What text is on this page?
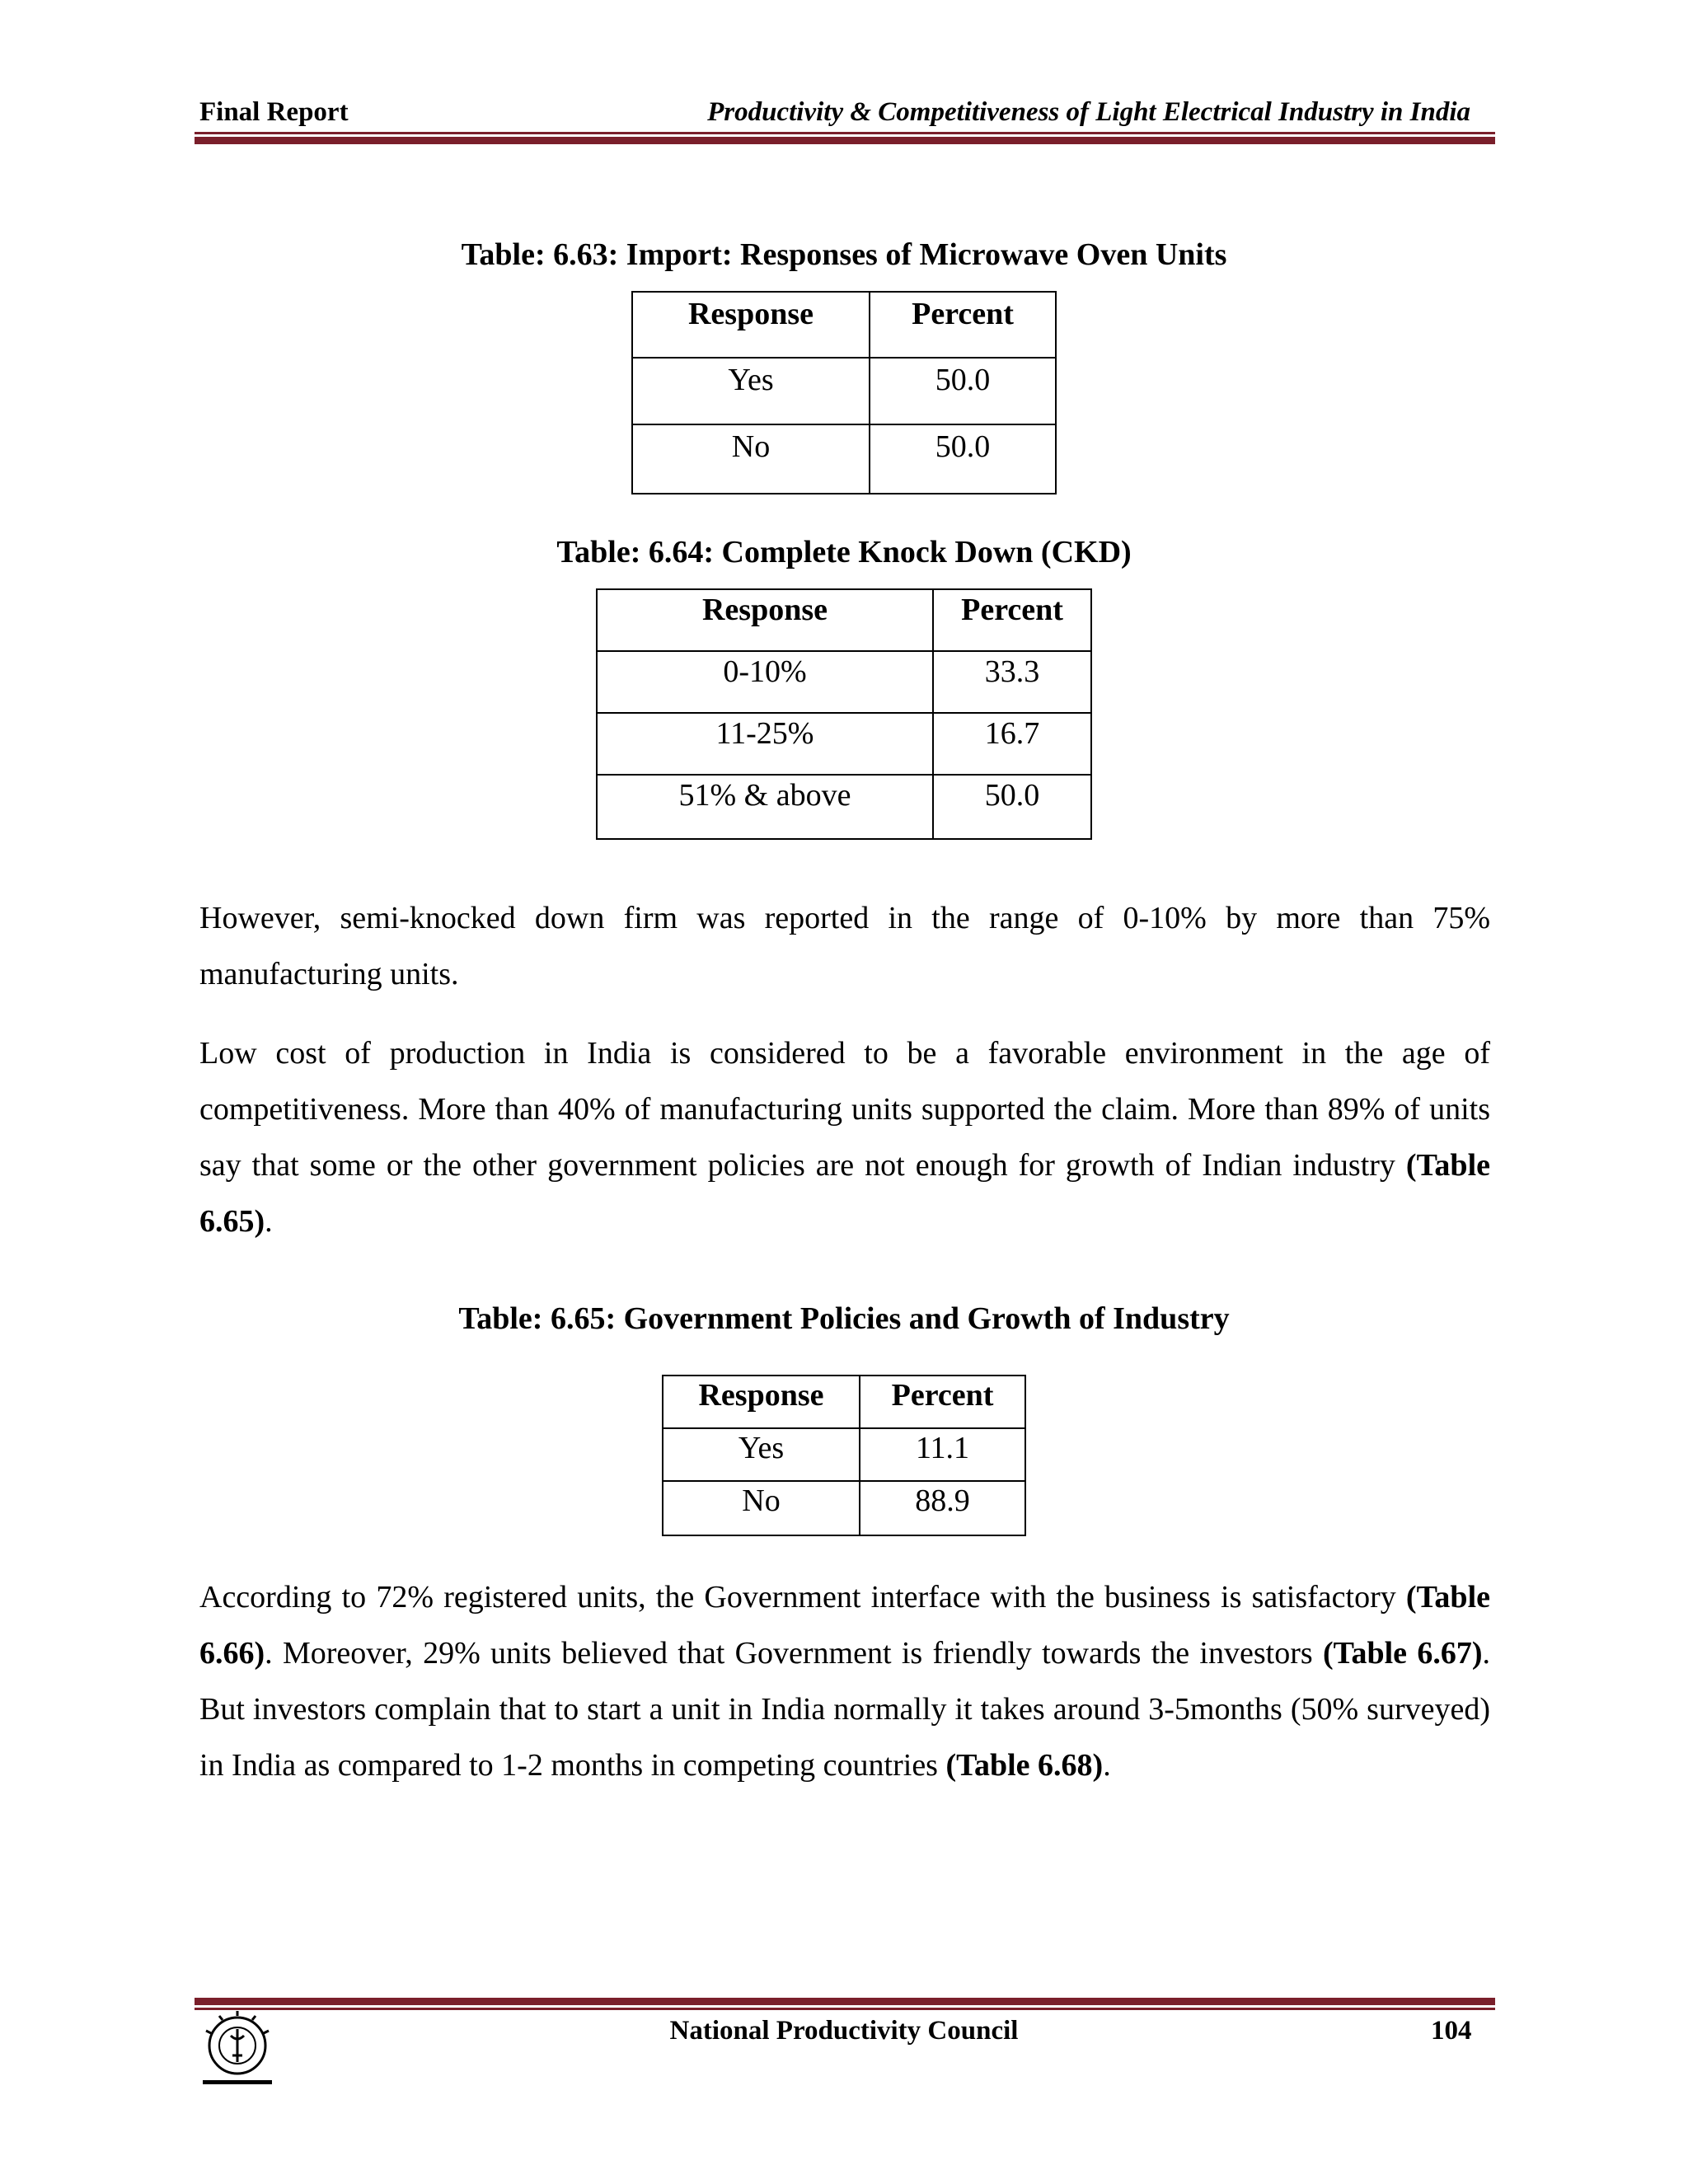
Final Report	Productivity & Competitiveness of Light Electrical Industry in India
Table: 6.63: Import: Responses of Microwave Oven Units
Response	Percent
Yes	50.0
No	50.0
Table: 6.64: Complete Knock Down (CKD)
Response	Percent
0-10%	33.3
11-25%	16.7
51% & above	50.0
However, semi-knocked down firm was reported in the range of 0-10% by more than 75% manufacturing units.
Low cost of production in India is considered to be a favorable environment in the age of competitiveness. More than 40% of manufacturing units supported the claim. More than 89% of units say that some or the other government policies are not enough for growth of Indian industry (Table 6.65).
Table: 6.65: Government Policies and Growth of Industry
Response	Percent
Yes	11.1
No	88.9
According to 72% registered units, the Government interface with the business is satisfactory (Table 6.66). Moreover, 29% units believed that Government is friendly towards the investors (Table 6.67). But investors complain that to start a unit in India normally it takes around 3-5months (50% surveyed) in India as compared to 1-2 months in competing countries (Table 6.68).
National Productivity Council	104
